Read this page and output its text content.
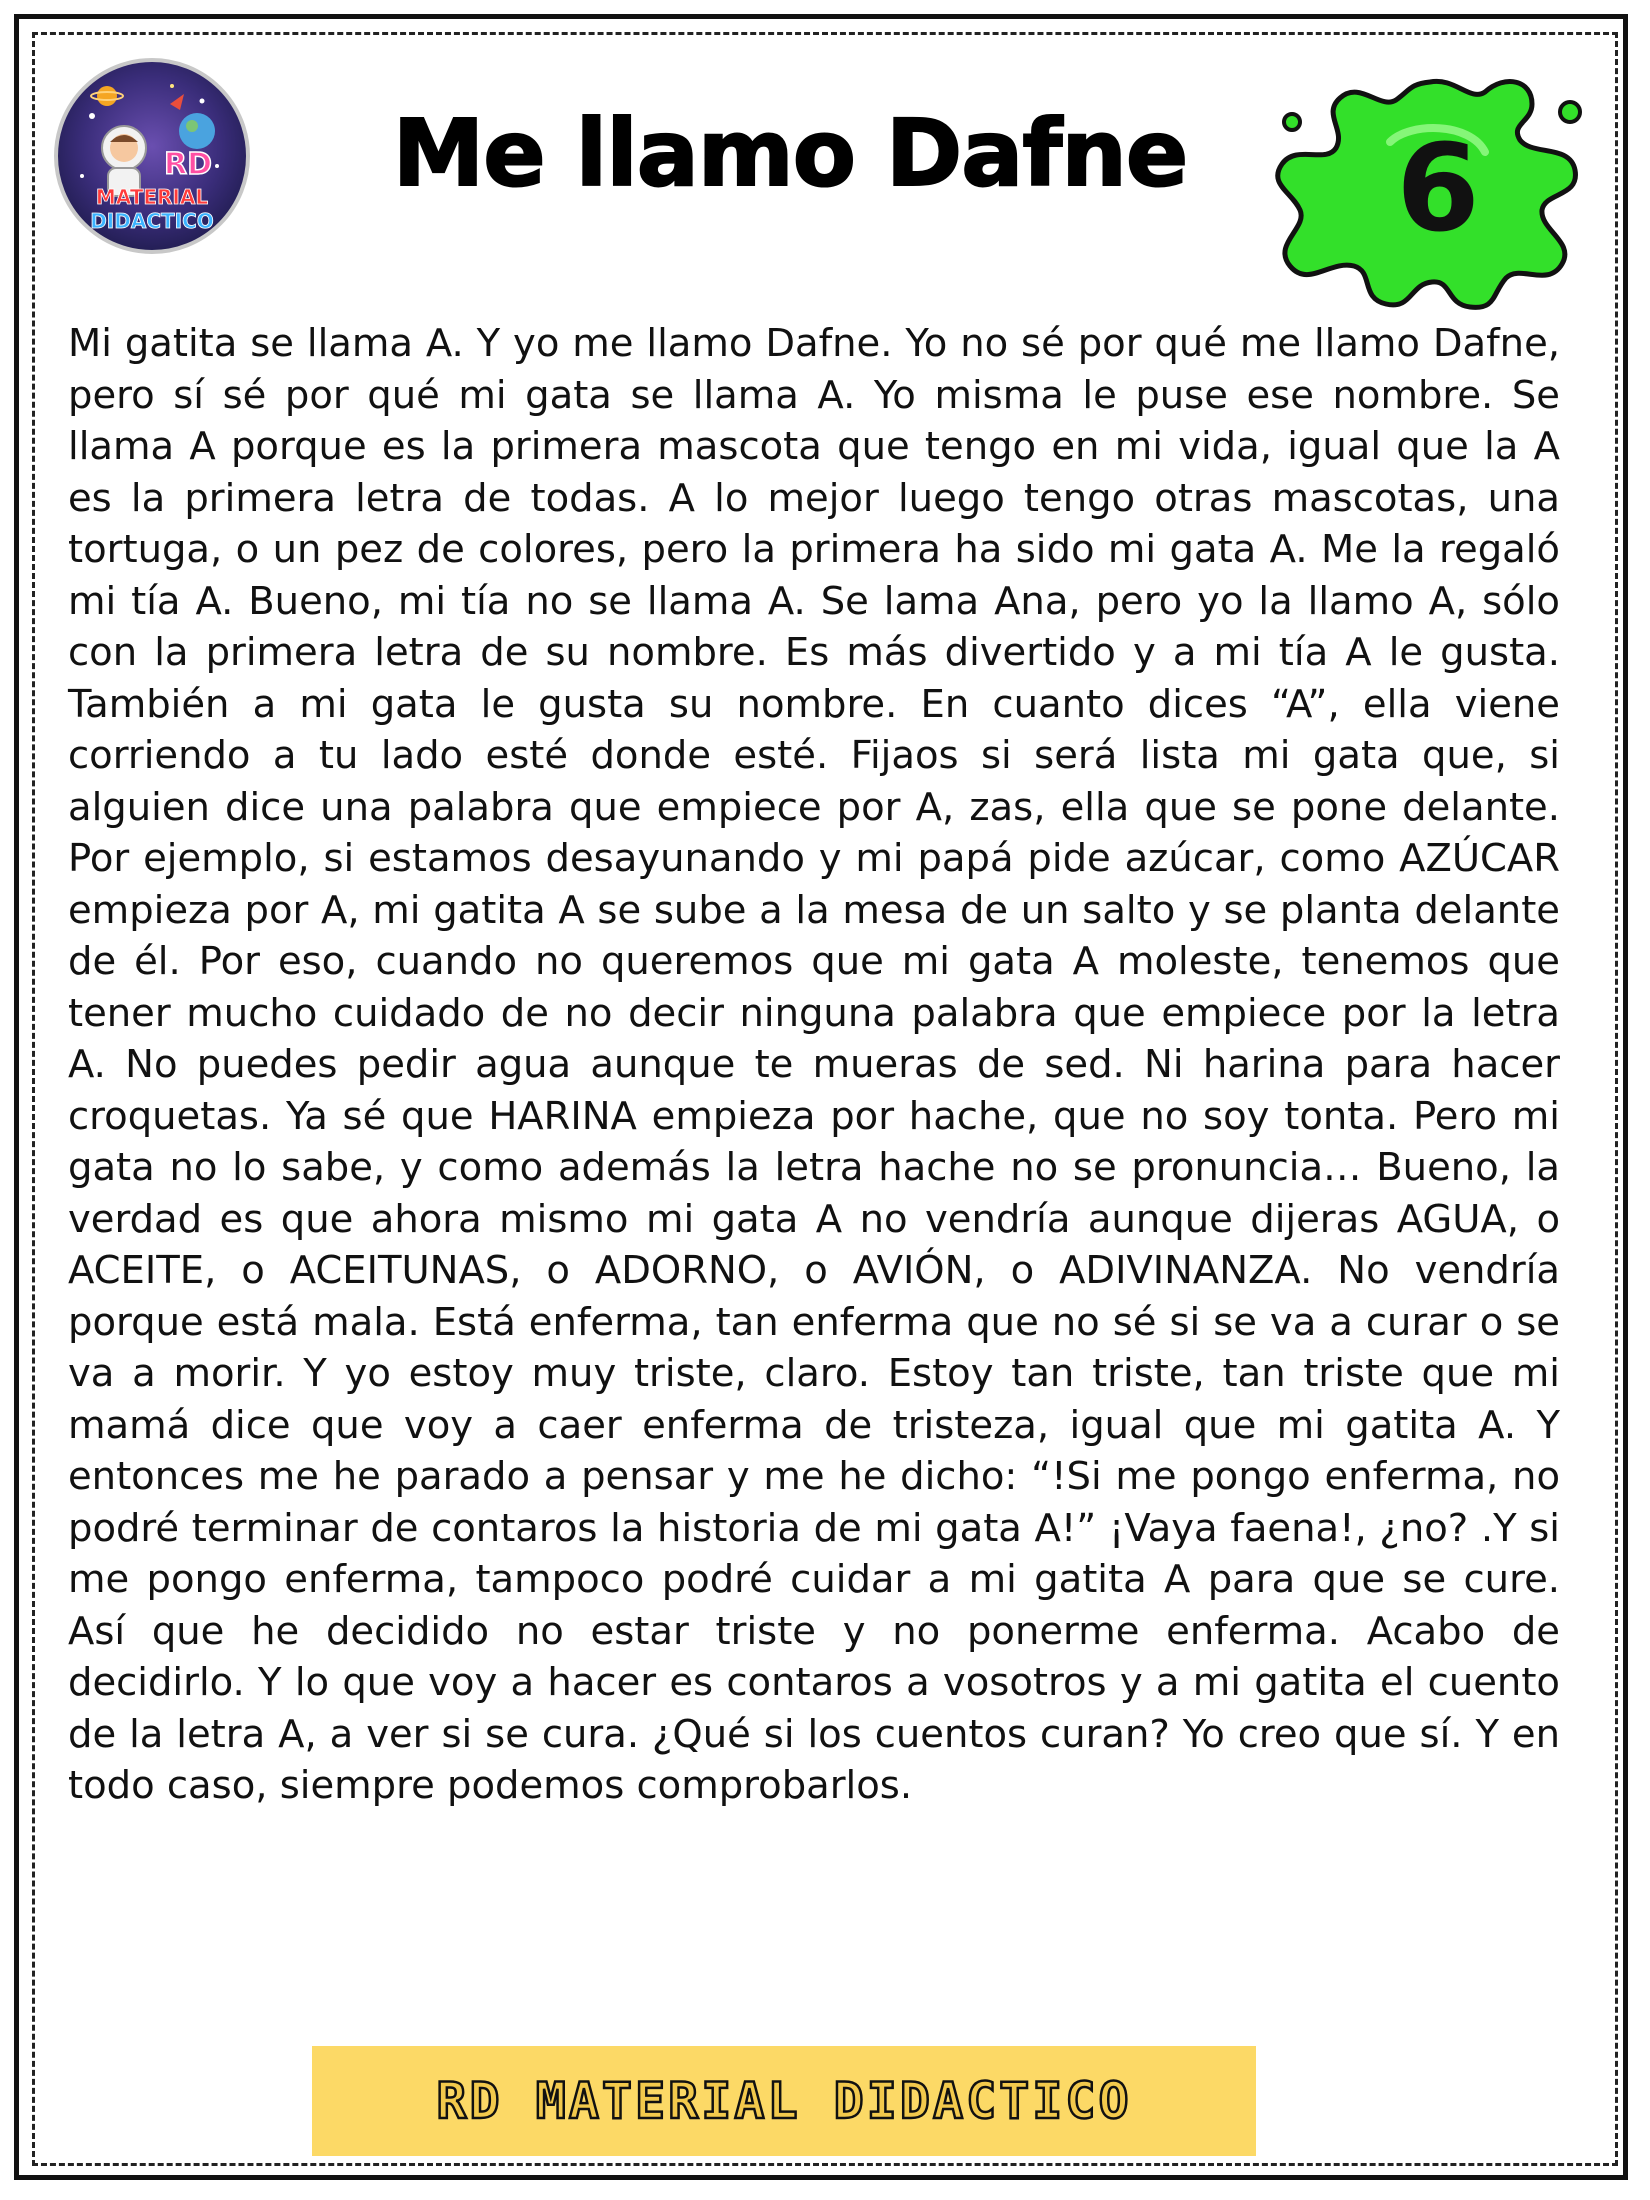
RD
MATERIAL
DIDACTICO
Me llamo Dafne	6

Mi gatita se llama A. Y yo me llamo Dafne. Yo no sé por qué me llamo Dafne, pero sí sé por qué mi gata se llama A. Yo misma le puse ese nombre. Se llama A porque es la primera mascota que tengo en mi vida, igual que la A es la primera letra de todas. A lo mejor luego tengo otras mascotas, una tortuga, o un pez de colores, pero la primera ha sido mi gata A. Me la regaló mi tía A. Bueno, mi tía no se llama A. Se lama Ana, pero yo la llamo A, sólo con la primera letra de su nombre. Es más divertido y a mi tía A le gusta. También a mi gata le gusta su nombre. En cuanto dices “A”, ella viene corriendo a tu lado esté donde esté. Fijaos si será lista mi gata que, si alguien dice una palabra que empiece por A, zas, ella que se pone delante. Por ejemplo, si estamos desayunando y mi papá pide azúcar, como AZÚCAR empieza por A, mi gatita A se sube a la mesa de un salto y se planta delante de él. Por eso, cuando no queremos que mi gata A moleste, tenemos que tener mucho cuidado de no decir ninguna palabra que empiece por la letra A. No puedes pedir agua aunque te mueras de sed. Ni harina para hacer croquetas. Ya sé que HARINA empieza por hache, que no soy tonta. Pero mi gata no lo sabe, y como además la letra hache no se pronuncia… Bueno, la verdad es que ahora mismo mi gata A no vendría aunque dijeras AGUA, o ACEITE, o ACEITUNAS, o ADORNO, o AVIÓN, o ADIVINANZA. No vendría porque está mala. Está enferma, tan enferma que no sé si se va a curar o se va a morir. Y yo estoy muy triste, claro. Estoy tan triste, tan triste que mi mamá dice que voy a caer enferma de tristeza, igual que mi gatita A. Y entonces me he parado a pensar y me he dicho: “!Si me pongo enferma, no podré terminar de contaros la historia de mi gata A!” ¡Vaya faena!, ¿no? .Y si me pongo enferma, tampoco podré cuidar a mi gatita A para que se cure. Así que he decidido no estar triste y no ponerme enferma. Acabo de decidirlo. Y lo que voy a hacer es contaros a vosotros y a mi gatita el cuento de la letra A, a ver si se cura. ¿Qué si los cuentos curan? Yo creo que sí. Y en todo caso, siempre podemos comprobarlos.

RD MATERIAL DIDACTICO
